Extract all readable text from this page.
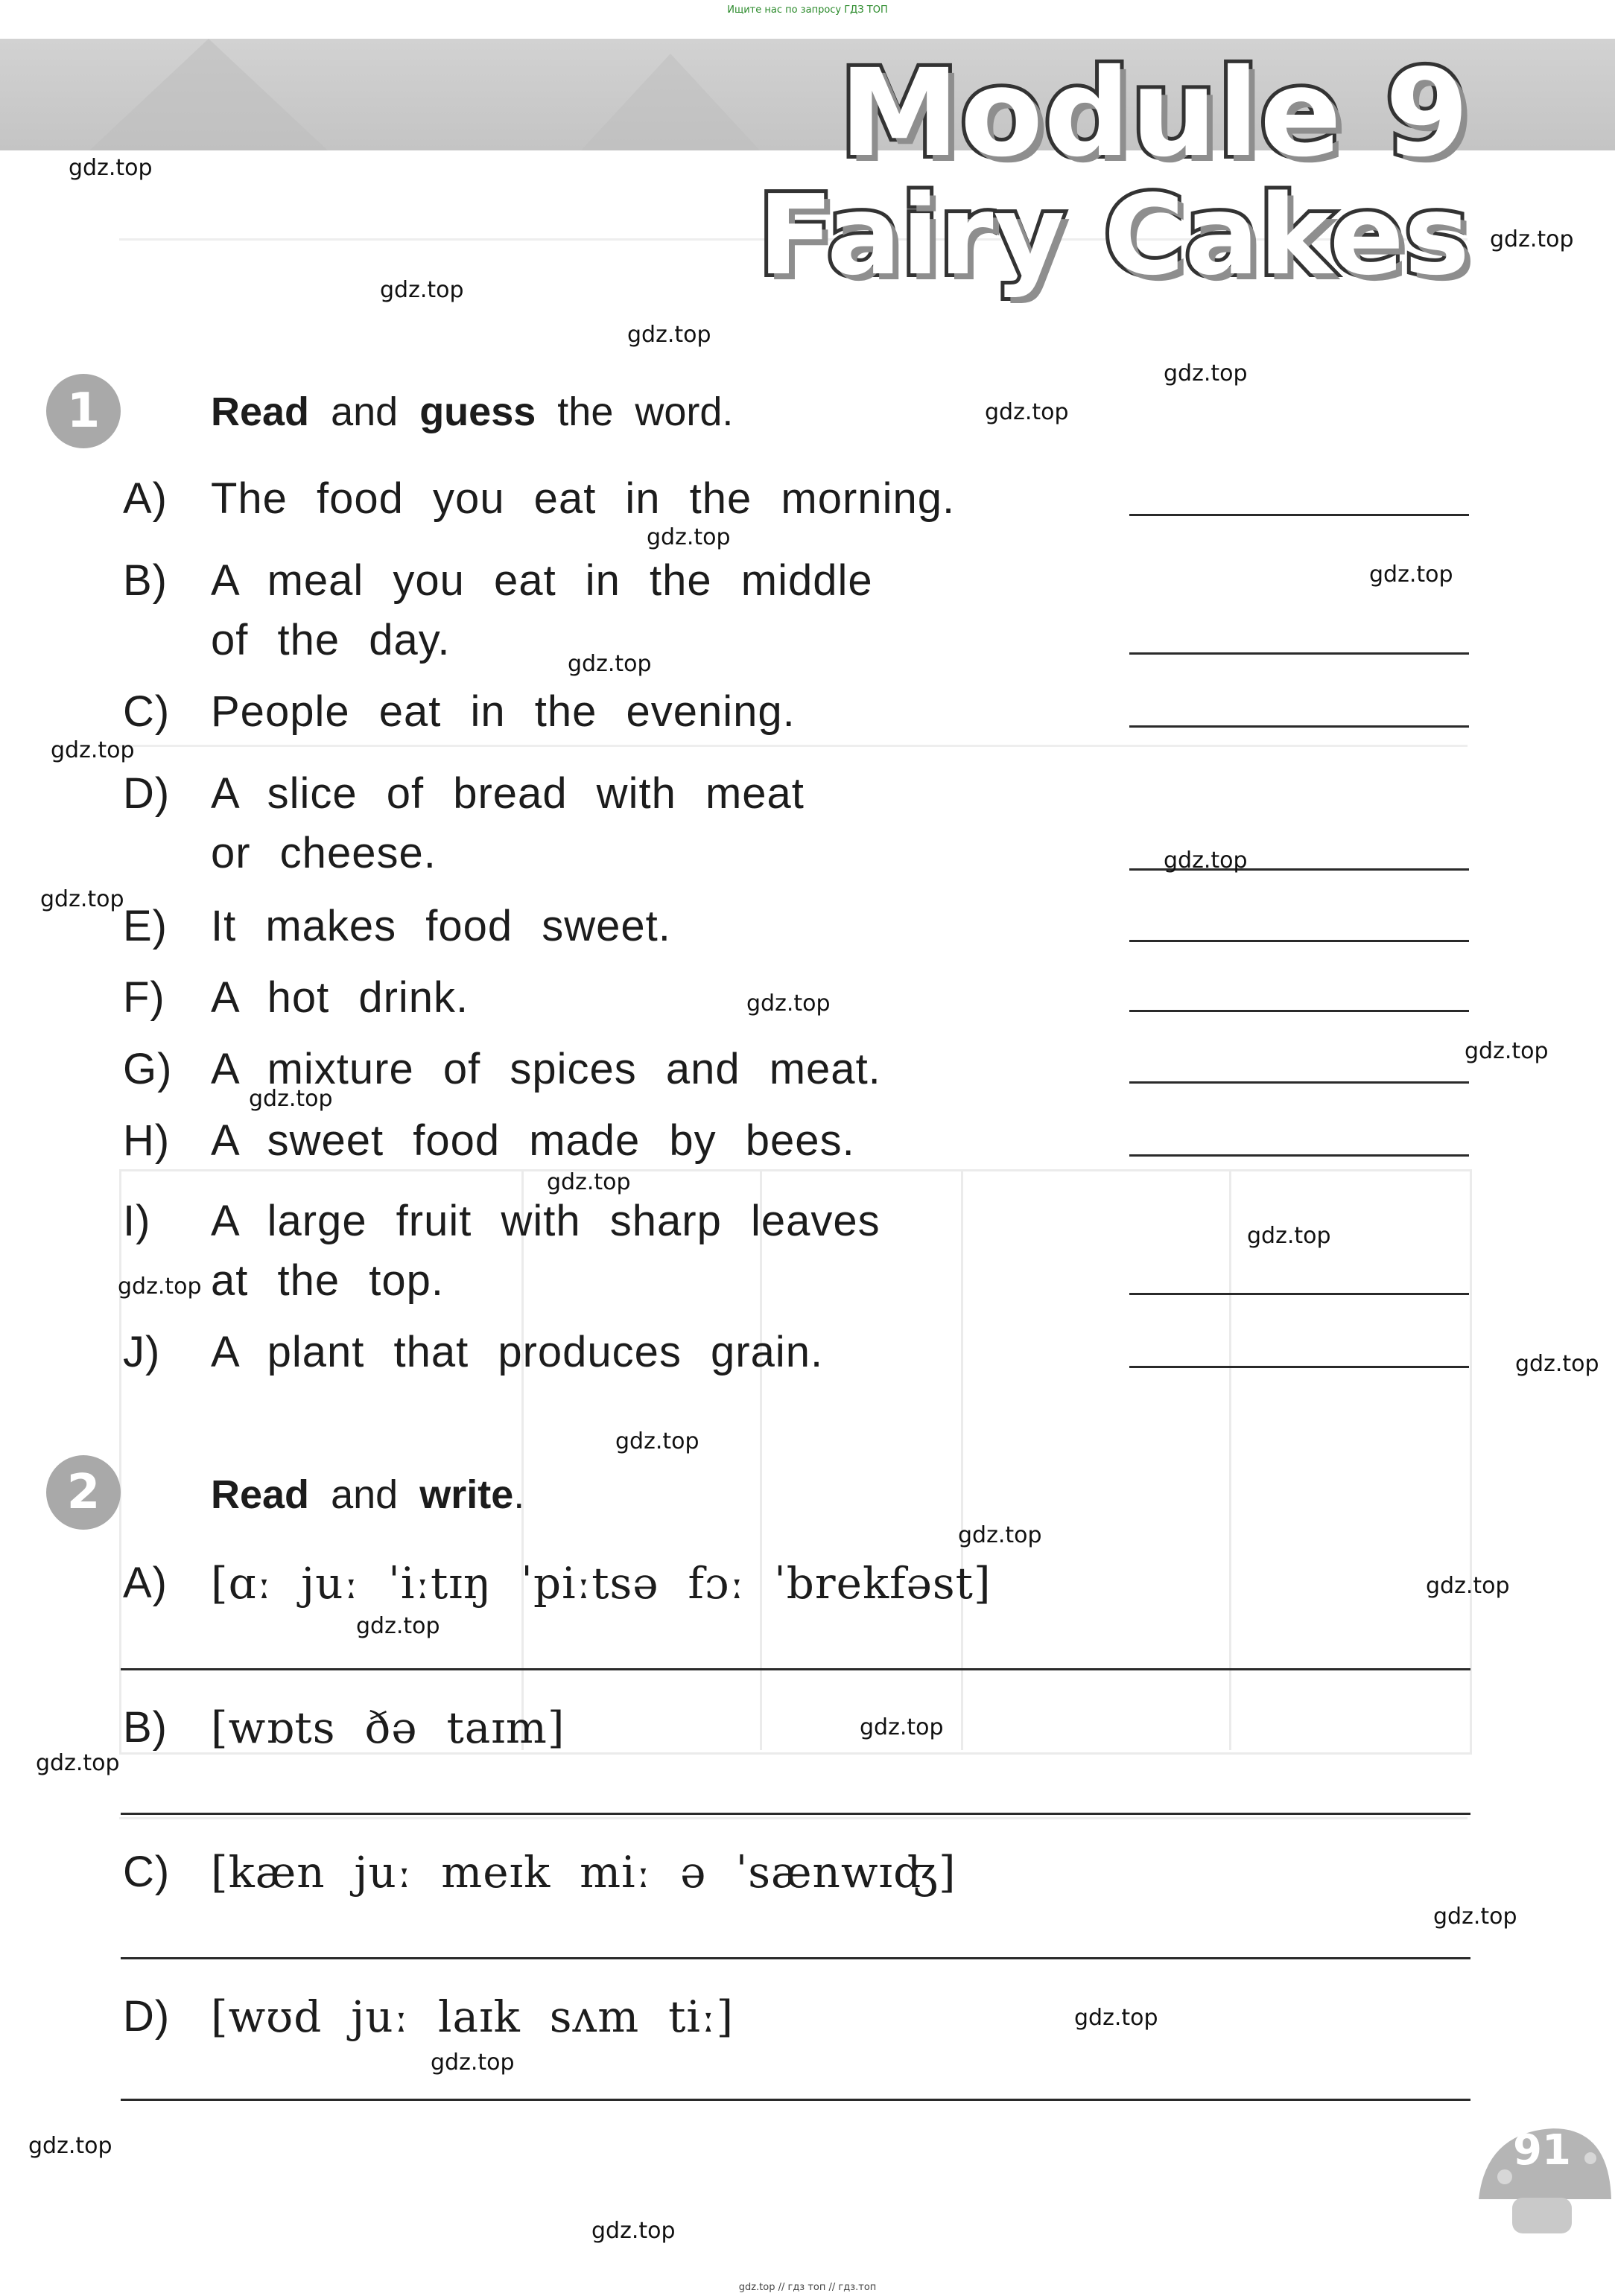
Ищите нас по запросу ГДЗ ТОП
Module 9
Fairy Cakes
1	Read and guess the word.
A) The food you eat in the morning.
B) A meal you eat in the middle
of the day.
C) People eat in the evening.
D) A slice of bread with meat
or cheese.
E) It makes food sweet.
F) A hot drink.
G) A mixture of spices and meat.
H) A sweet food made by bees.
I) A large fruit with sharp leaves
at the top.
J) A plant that produces grain.
2	Read and write.
A)	[ɑː  juː  ˈiːtɪŋ  ˈpiːtsə  fɔː  ˈbrekfəst]
B)	[wɒts  ðə  taɪm]
C) [kæn  juː  meɪk  miː  ə  ˈsænwɪʤ]
D) [wʊd  juː  laɪk  sʌm  tiː]
91
gdz.top
gdz.top
gdz.top
gdz.top
gdz.top
gdz.top
gdz.top
gdz.top
gdz.top
gdz.top
gdz.top
gdz.top
gdz.top
gdz.top
gdz.top
gdz.top
gdz.top
gdz.top
gdz.top
gdz.top
gdz.top
gdz.top
gdz.top
gdz.top
gdz.top
gdz.top
gdz.top
gdz.top
gdz.top
gdz.top
gdz.top // гдз топ // гдз.топ
